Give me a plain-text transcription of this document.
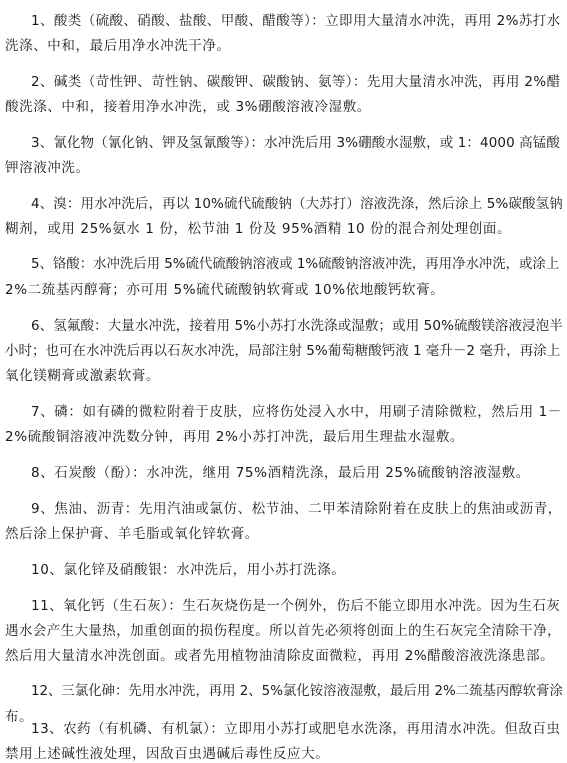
1、酸类（硫酸、硝酸、盐酸、甲酸、醋酸等）：立即用大量清水冲洗，再用 2%苏打水
洗涤、中和，最后用净水冲洗干净。
2、碱类（苛性钾、苛性钠、碳酸钾、碳酸钠、氨等）：先用大量清水冲洗，再用 2%醋
酸洗涤、中和，接着用净水冲洗，或 3%硼酸溶液冷湿敷。
3、氰化物（氰化钠、钾及氢氰酸等）：水冲洗后用 3%硼酸水湿敷，或 1：4000 高锰酸
钾溶液冲洗。
4、溴：用水冲洗后，再以 10%硫代硫酸钠（大苏打）溶液洗涤，然后涂上 5%碳酸氢钠
糊剂，或用 25%氨水 1 份，松节油 1 份及 95%酒精 10 份的混合剂处理创面。
5、铬酸：水冲洗后用 5%硫代硫酸钠溶液或 1%硫酸钠溶液冲洗，再用净水冲洗，或涂上
2%二巯基丙醇膏；亦可用 5%硫代硫酸钠软膏或 10%依地酸钙软膏。
6、氢氟酸：大量水冲洗，接着用 5%小苏打水洗涤或湿敷；或用 50%硫酸镁溶液浸泡半
小时；也可在水冲洗后再以石灰水冲洗，局部注射 5%葡萄糖酸钙液 1 毫升－2 毫升，再涂上
氧化镁糊膏或激素软膏。
7、磷：如有磷的微粒附着于皮肤，应将伤处浸入水中，用刷子清除微粒，然后用 1－
2%硫酸铜溶液冲洗数分钟，再用 2%小苏打冲洗，最后用生理盐水湿敷。
8、石炭酸（酚）：水冲洗，继用 75%酒精洗涤，最后用 25%硫酸钠溶液湿敷。
9、焦油、沥青：先用汽油或氯仿、松节油、二甲苯清除附着在皮肤上的焦油或沥青，
然后涂上保护膏、羊毛脂或氧化锌软膏。
10、氯化锌及硝酸银：水冲洗后，用小苏打洗涤。
11、氧化钙（生石灰）：生石灰烧伤是一个例外，伤后不能立即用水冲洗。因为生石灰
遇水会产生大量热，加重创面的损伤程度。所以首先必须将创面上的生石灰完全清除干净，
然后用大量清水冲洗创面。或者先用植物油清除皮面微粒，再用 2%醋酸溶液洗涤患部。
12、三氯化砷：先用水冲洗，再用 2、5%氯化铵溶液湿敷，最后用 2%二巯基丙醇软膏涂
布。
13、农药（有机磷、有机氯）：立即用小苏打或肥皂水洗涤，再用清水冲洗。但敌百虫
禁用上述碱性液处理，因敌百虫遇碱后毒性反应大。
